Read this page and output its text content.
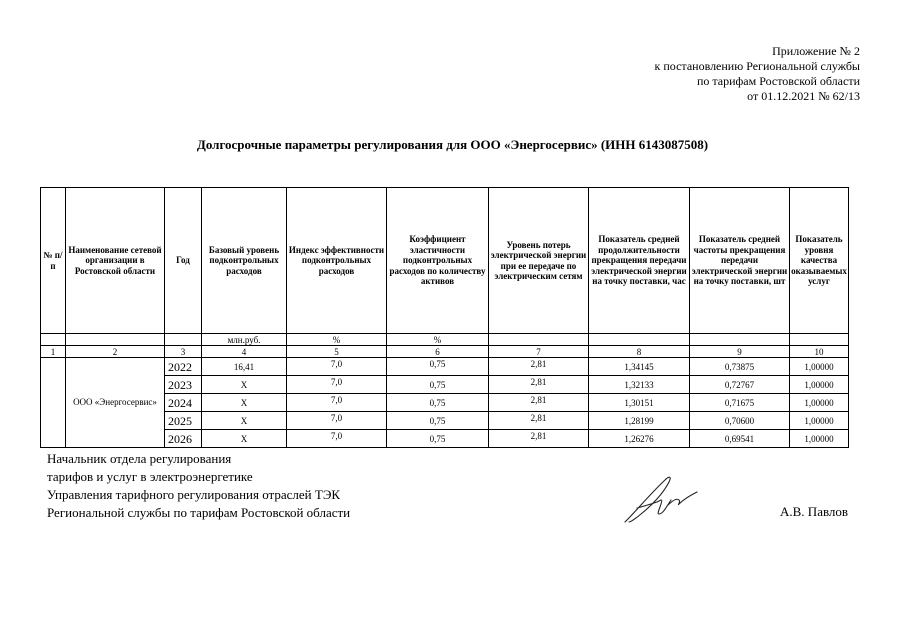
Приложение № 2
к постановлению Региональной службы
по тарифам Ростовской области
от 01.12.2021 № 62/13
Долгосрочные параметры регулирования для ООО «Энергосервис» (ИНН 6143087508)
№ п/п	Наименование сетевой организации в Ростовской области	Год	Базовый уровень подконтрольных расходов	Индекс эффективности подконтрольных расходов	Коэффициент эластичности подконтрольных расходов по количеству активов	Уровень потерь электрической энергии при ее передаче по электрическим сетям	Показатель средней продолжительности прекращения передачи электрической энергии на точку поставки, час	Показатель средней частоты прекращения передачи электрической энергии на точку поставки, шт	Показатель уровня качества оказываемых услуг
			млн.руб.	%	%				
1	2	3	4	5	6	7	8	9	10
	ООО «Энергосервис»	2022	16,41	7,0	0,75	2,81	1,34145	0,73875	1,00000
		2023	Х	7,0	0,75	2,81	1,32133	0,72767	1,00000
		2024	Х	7,0	0,75	2,81	1,30151	0,71675	1,00000
		2025	Х	7,0	0,75	2,81	1,28199	0,70600	1,00000
		2026	Х	7,0	0,75	2,81	1,26276	0,69541	1,00000
Начальник отдела регулирования
тарифов и услуг в электроэнергетике
Управления тарифного регулирования отраслей ТЭК
Региональной службы по тарифам Ростовской области	А.В. Павлов
